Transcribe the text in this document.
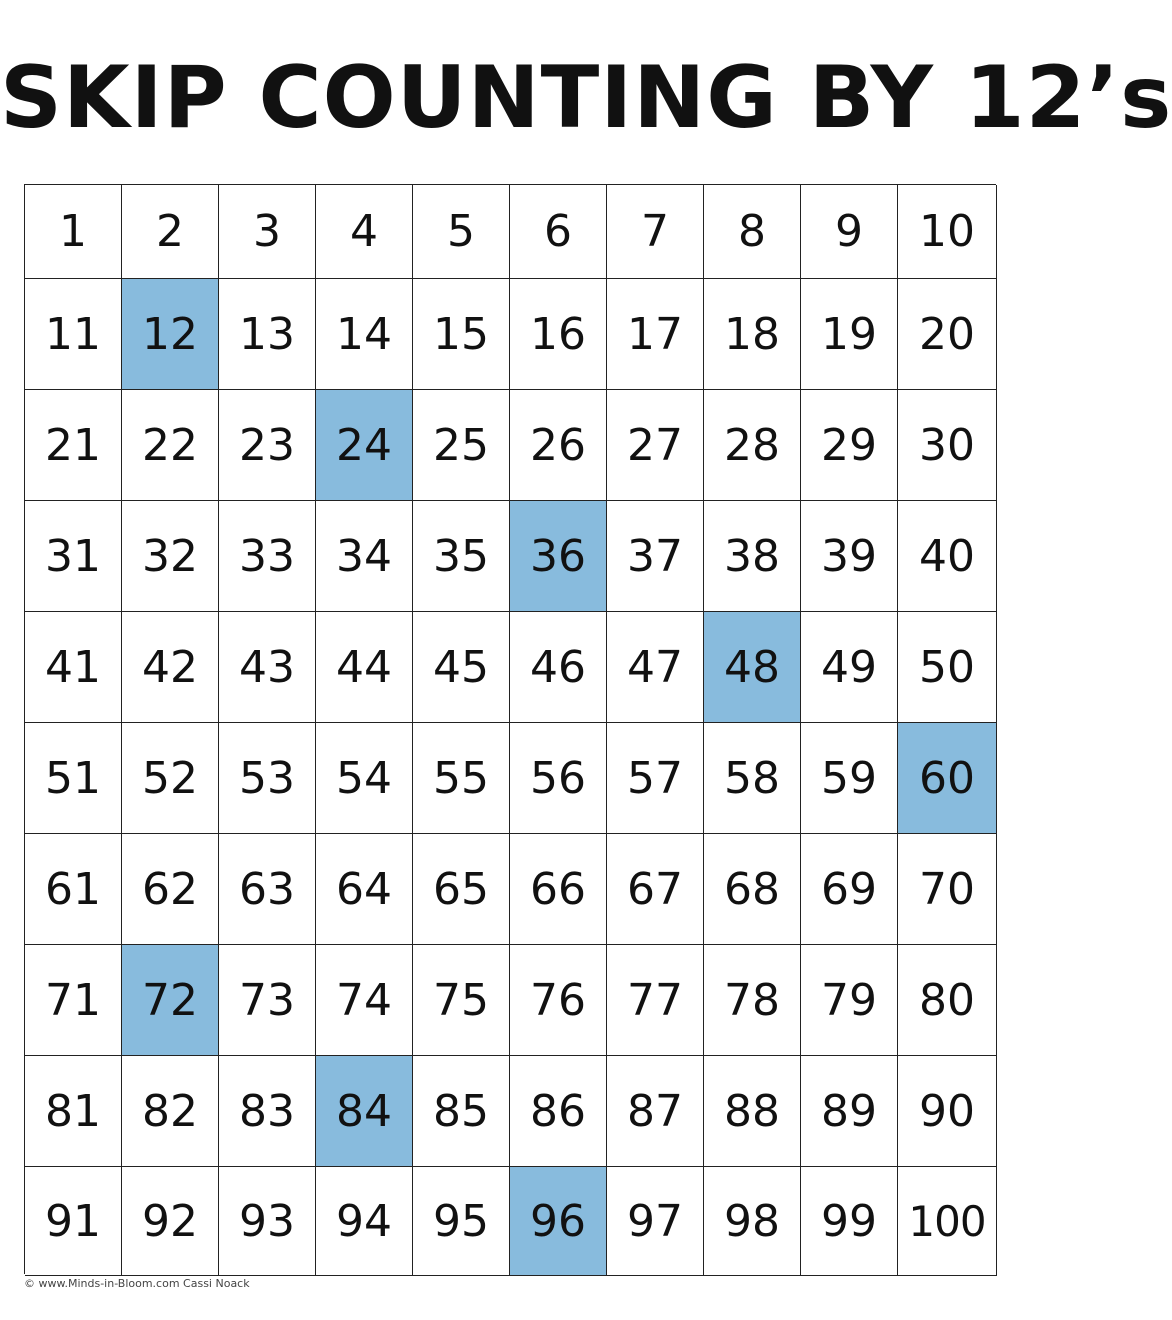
SKIP COUNTING BY 12’s
1	2	3	4	5	6	7	8	9	10
11 12 13 14 15 16 17 18 19 20
21 22 23 24 25 26 27 28 29 30
31 32 33 34 35 36 37 38 39 40
41 42 43 44 45 46 47 48 49 50
51 52 53 54 55 56 57 58 59 60
61 62 63 64 65 66 67 68 69 70
71 72 73 74 75 76 77 78 79 80
81 82 83 84 85 86 87 88 89 90
91 92 93 94 95 96 97 98 99 100
© www.Minds-in-Bloom.com Cassi Noack
